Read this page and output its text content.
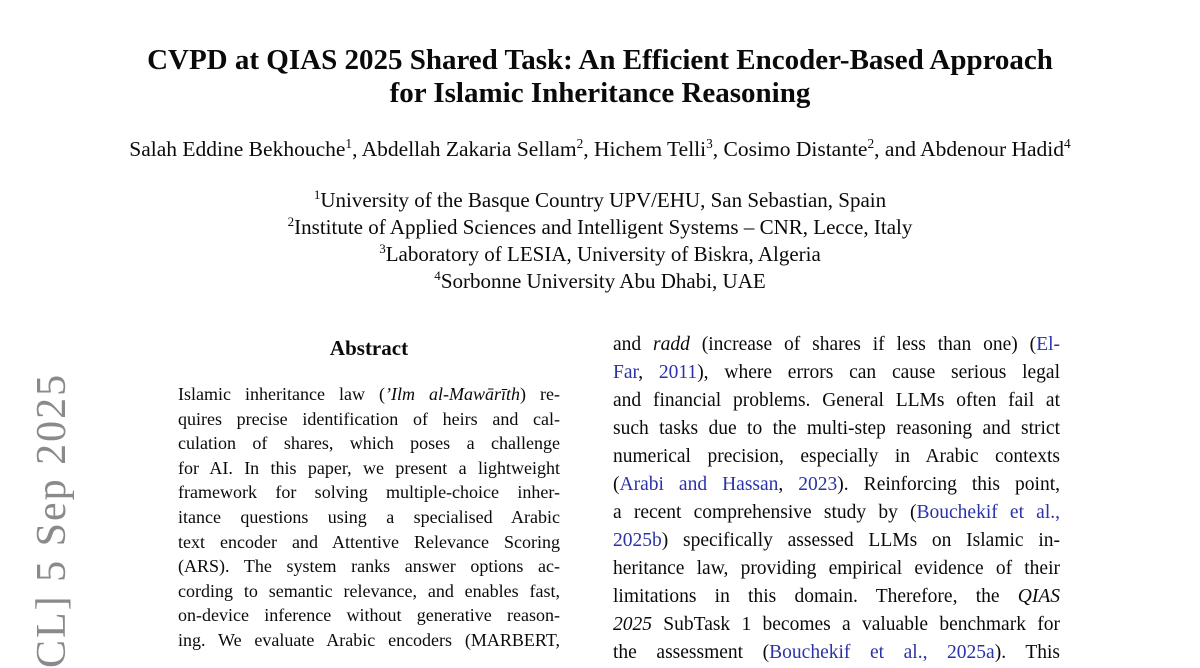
CL] 5 Sep 2025
CVPD at QIAS 2025 Shared Task: An Efficient Encoder-Based Approach
for Islamic Inheritance Reasoning
Salah Eddine Bekhouche$^1$, Abdellah Zakaria Sellam$^2$, Hichem Telli$^3$, Cosimo Distante$^2$, and Abdenour Hadid$^4$
$^1$University of the Basque Country UPV/EHU, San Sebastian, Spain
$^2$Institute of Applied Sciences and Intelligent Systems – CNR, Lecce, Italy
$^3$Laboratory of LESIA, University of Biskra, Algeria
$^4$Sorbonne University Abu Dhabi, UAE
Abstract
Islamic inheritance law (’Ilm al-Mawārīth) re-
quires precise identification of heirs and cal-
culation of shares, which poses a challenge
for AI. In this paper, we present a lightweight
framework for solving multiple-choice inher-
itance questions using a specialised Arabic
text encoder and Attentive Relevance Scoring
(ARS). The system ranks answer options ac-
cording to semantic relevance, and enables fast,
on-device inference without generative reason-
ing. We evaluate Arabic encoders (MARBERT,
and radd (increase of shares if less than one) (El-
Far, 2011), where errors can cause serious legal
and financial problems. General LLMs often fail at
such tasks due to the multi-step reasoning and strict
numerical precision, especially in Arabic contexts
(Arabi and Hassan, 2023). Reinforcing this point,
a recent comprehensive study by (Bouchekif et al.,
2025b) specifically assessed LLMs on Islamic in-
heritance law, providing empirical evidence of their
limitations in this domain. Therefore, the QIAS
2025 SubTask 1 becomes a valuable benchmark for
the assessment (Bouchekif et al., 2025a). This
